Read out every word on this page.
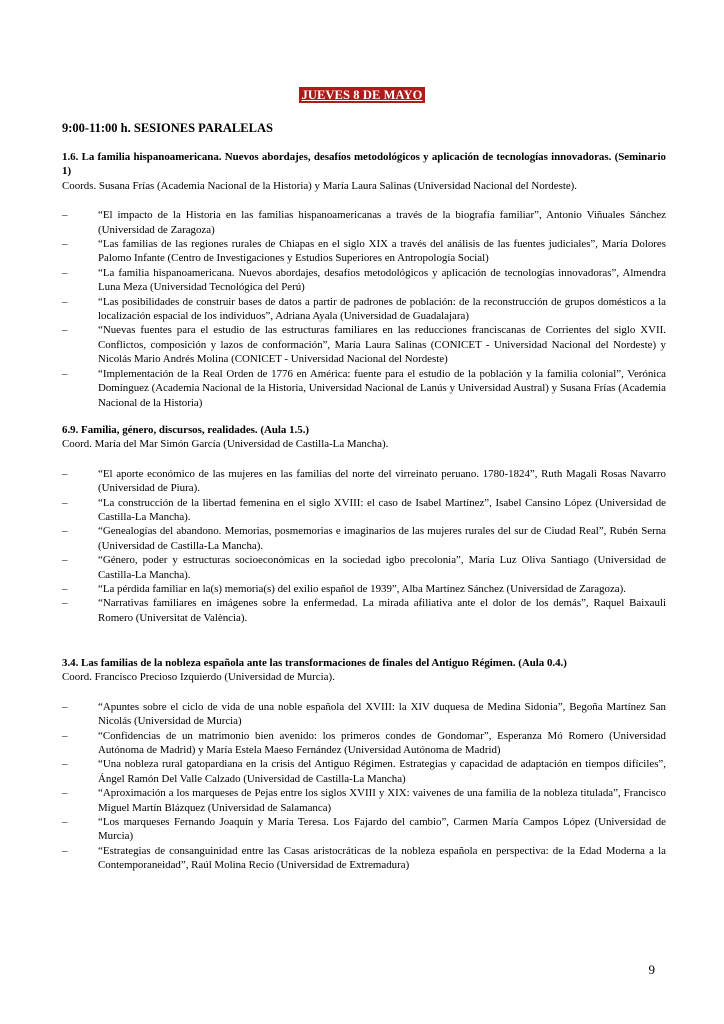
JUEVES 8 DE MAYO
9:00-11:00 h. SESIONES PARALELAS
1.6. La familia hispanoamericana. Nuevos abordajes, desafíos metodológicos y aplicación de tecnologías innovadoras. (Seminario 1)
Coords. Susana Frías (Academia Nacional de la Historia) y María Laura Salinas (Universidad Nacional del Nordeste).
–	“El impacto de la Historia en las familias hispanoamericanas a través de la biografía familiar”, Antonio Viñuales Sánchez (Universidad de Zaragoza)
–	“Las familias de las regiones rurales de Chiapas en el siglo XIX a través del análisis de las fuentes judiciales”, María Dolores Palomo Infante (Centro de Investigaciones y Estudios Superiores en Antropología Social)
–	“La familia hispanoamericana. Nuevos abordajes, desafíos metodológicos y aplicación de tecnologías innovadoras”, Almendra Luna Meza (Universidad Tecnológica del Perú)
–	“Las posibilidades de construir bases de datos a partir de padrones de población: de la reconstrucción de grupos domésticos a la localización espacial de los individuos”, Adriana Ayala (Universidad de Guadalajara)
–	“Nuevas fuentes para el estudio de las estructuras familiares en las reducciones franciscanas de Corrientes del siglo XVII. Conflictos, composición y lazos de conformación”, María Laura Salinas (CONICET - Universidad Nacional del Nordeste) y Nicolás Mario Andrés Molina (CONICET - Universidad Nacional del Nordeste)
–	“Implementación de la Real Orden de 1776 en América: fuente para el estudio de la población y la familia colonial”, Verónica Domínguez (Academia Nacional de la Historia, Universidad Nacional de Lanús y Universidad Austral) y Susana Frías (Academia Nacional de la Historia)
6.9. Familia, género, discursos, realidades. (Aula 1.5.)
Coord. María del Mar Simón García (Universidad de Castilla-La Mancha).
–	“El aporte económico de las mujeres en las familias del norte del virreinato peruano. 1780-1824”, Ruth Magali Rosas Navarro (Universidad de Piura).
–	“La construcción de la libertad femenina en el siglo XVIII: el caso de Isabel Martínez”, Isabel Cansino López (Universidad de Castilla-La Mancha).
–	“Genealogías del abandono. Memorias, posmemorias e imaginarios de las mujeres rurales del sur de Ciudad Real”, Rubén Serna (Universidad de Castilla-La Mancha).
–	“Género, poder y estructuras socioeconómicas en la sociedad igbo precolonia”, María Luz Oliva Santiago (Universidad de Castilla-La Mancha).
–	“La pérdida familiar en la(s) memoria(s) del exilio español de 1939”, Alba Martínez Sánchez (Universidad de Zaragoza).
–	“Narrativas familiares en imágenes sobre la enfermedad. La mirada afiliativa ante el dolor de los demás”, Raquel Baixauli Romero (Universitat de València).
3.4. Las familias de la nobleza española ante las transformaciones de finales del Antiguo Régimen. (Aula 0.4.)
Coord. Francisco Precioso Izquierdo (Universidad de Murcia).
–	“Apuntes sobre el ciclo de vida de una noble española del XVIII: la XIV duquesa de Medina Sidonia”, Begoña Martínez San Nicolás (Universidad de Murcia)
–	“Confidencias de un matrimonio bien avenido: los primeros condes de Gondomar”, Esperanza Mó Romero (Universidad Autónoma de Madrid) y María Estela Maeso Fernández (Universidad Autónoma de Madrid)
–	“Una nobleza rural gatopardiana en la crisis del Antiguo Régimen. Estrategias y capacidad de adaptación en tiempos difíciles”, Ángel Ramón Del Valle Calzado (Universidad de Castilla-La Mancha)
–	“Aproximación a los marqueses de Pejas entre los siglos XVIII y XIX: vaivenes de una familia de la nobleza titulada”, Francisco Miguel Martín Blázquez (Universidad de Salamanca)
–	“Los marqueses Fernando Joaquín y María Teresa. Los Fajardo del cambio”, Carmen María Campos López (Universidad de Murcia)
–	“Estrategias de consanguinidad entre las Casas aristocráticas de la nobleza española en perspectiva: de la Edad Moderna a la Contemporaneidad”, Raúl Molina Recio (Universidad de Extremadura)
9
